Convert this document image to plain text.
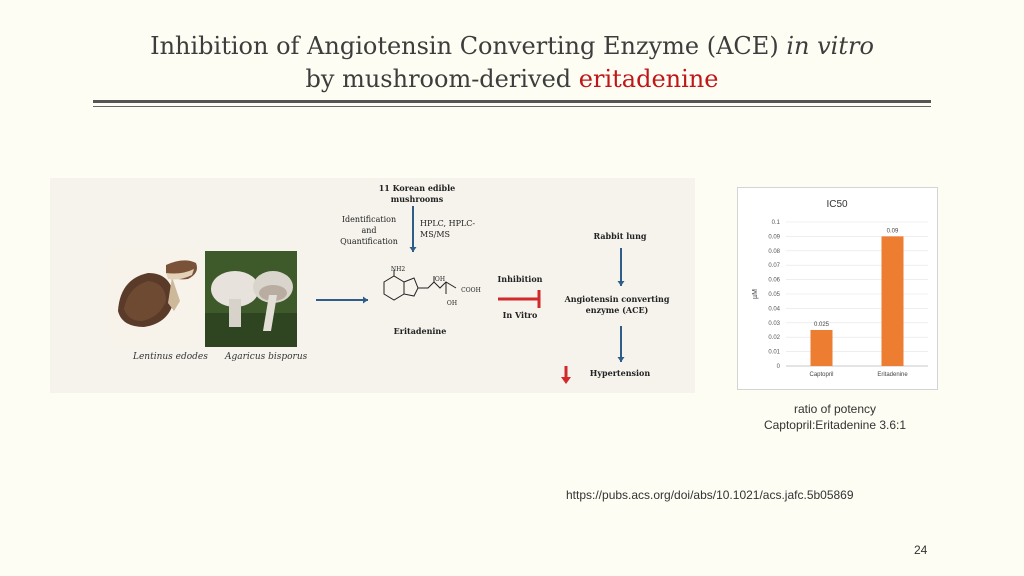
Inhibition of Angiotensin Converting Enzyme (ACE) in vitro
by mushroom-derived eritadenine
Lentinus edodes Agaricus bisporus
11 Korean edible mushrooms
Identification and Quantification
HPLC, HPLC-MS/MS
NH2
OH
OH
COOH
Eritadenine
Inhibition
In Vitro
Rabbit lung
Angiotensin converting enzyme (ACE)
Hypertension
IC50
µM
0
0.01
0.02
0.03
0.04
0.05
0.06
0.07
0.08
0.09
0.1
0.025
Captopril
0.09
Eritadenine
ratio of potency
Captopril:Eritadenine 3.6:1
https://pubs.acs.org/doi/abs/10.1021/acs.jafc.5b05869
24
